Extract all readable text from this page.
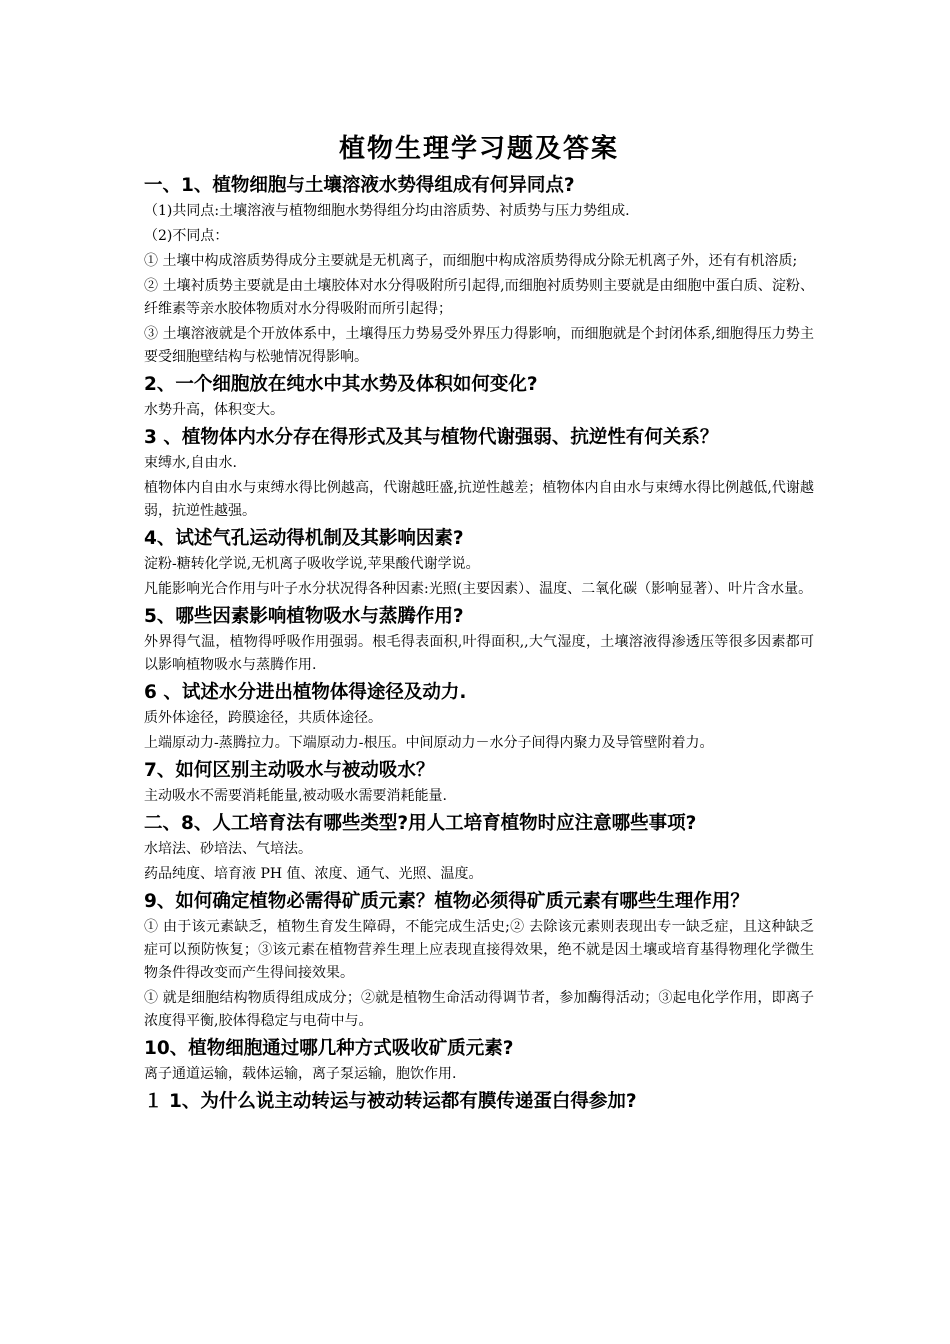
植物生理学习题及答案
一、1、植物细胞与土壤溶液水势得组成有何异同点?
（1)共同点:土壤溶液与植物细胞水势得组分均由溶质势、衬质势与压力势组成.
（2)不同点：
① 土壤中构成溶质势得成分主要就是无机离子，而细胞中构成溶质势得成分除无机离子外，还有有机溶质;
② 土壤衬质势主要就是由土壤胶体对水分得吸附所引起得,而细胞衬质势则主要就是由细胞中蛋白质、淀粉、纤维素等亲水胶体物质对水分得吸附而所引起得；
③ 土壤溶液就是个开放体系中，土壤得压力势易受外界压力得影响，而细胞就是个封闭体系,细胞得压力势主要受细胞壁结构与松驰情况得影响。
2、一个细胞放在纯水中其水势及体积如何变化?
水势升高，体积变大。
3 、植物体内水分存在得形式及其与植物代谢强弱、抗逆性有何关系？
束缚水,自由水.
植物体内自由水与束缚水得比例越高，代谢越旺盛,抗逆性越差；植物体内自由水与束缚水得比例越低,代谢越弱，抗逆性越强。
4、试述气孔运动得机制及其影响因素?
淀粉-糖转化学说,无机离子吸收学说,苹果酸代谢学说。
凡能影响光合作用与叶子水分状况得各种因素:光照(主要因素）、温度、二氧化碳（影响显著）、叶片含水量。
5、哪些因素影响植物吸水与蒸腾作用?
外界得气温，植物得呼吸作用强弱。根毛得表面积,叶得面积,,大气湿度，土壤溶液得渗透压等很多因素都可以影响植物吸水与蒸腾作用.
6 、试述水分进出植物体得途径及动力.
质外体途径，跨膜途径，共质体途径。
上端原动力-蒸腾拉力。下端原动力-根压。中间原动力－水分子间得内聚力及导管壁附着力。
7、如何区别主动吸水与被动吸水？
主动吸水不需要消耗能量,被动吸水需要消耗能量.
二、8、人工培育法有哪些类型?用人工培育植物时应注意哪些事项?
水培法、砂培法、气培法。
药品纯度、培育液 PH 值、浓度、通气、光照、温度。
9、如何确定植物必需得矿质元素？植物必须得矿质元素有哪些生理作用？
① 由于该元素缺乏，植物生育发生障碍，不能完成生活史;② 去除该元素则表现出专一缺乏症，且这种缺乏症可以预防恢复；③该元素在植物营养生理上应表现直接得效果，绝不就是因土壤或培育基得物理化学微生物条件得改变而产生得间接效果。
① 就是细胞结构物质得组成成分；②就是植物生命活动得调节者，参加酶得活动；③起电化学作用，即离子浓度得平衡,胶体得稳定与电荷中与。
10、植物细胞通过哪几种方式吸收矿质元素?
离子通道运输，载体运输，离子泵运输，胞饮作用.
１ 1、为什么说主动转运与被动转运都有膜传递蛋白得参加?
